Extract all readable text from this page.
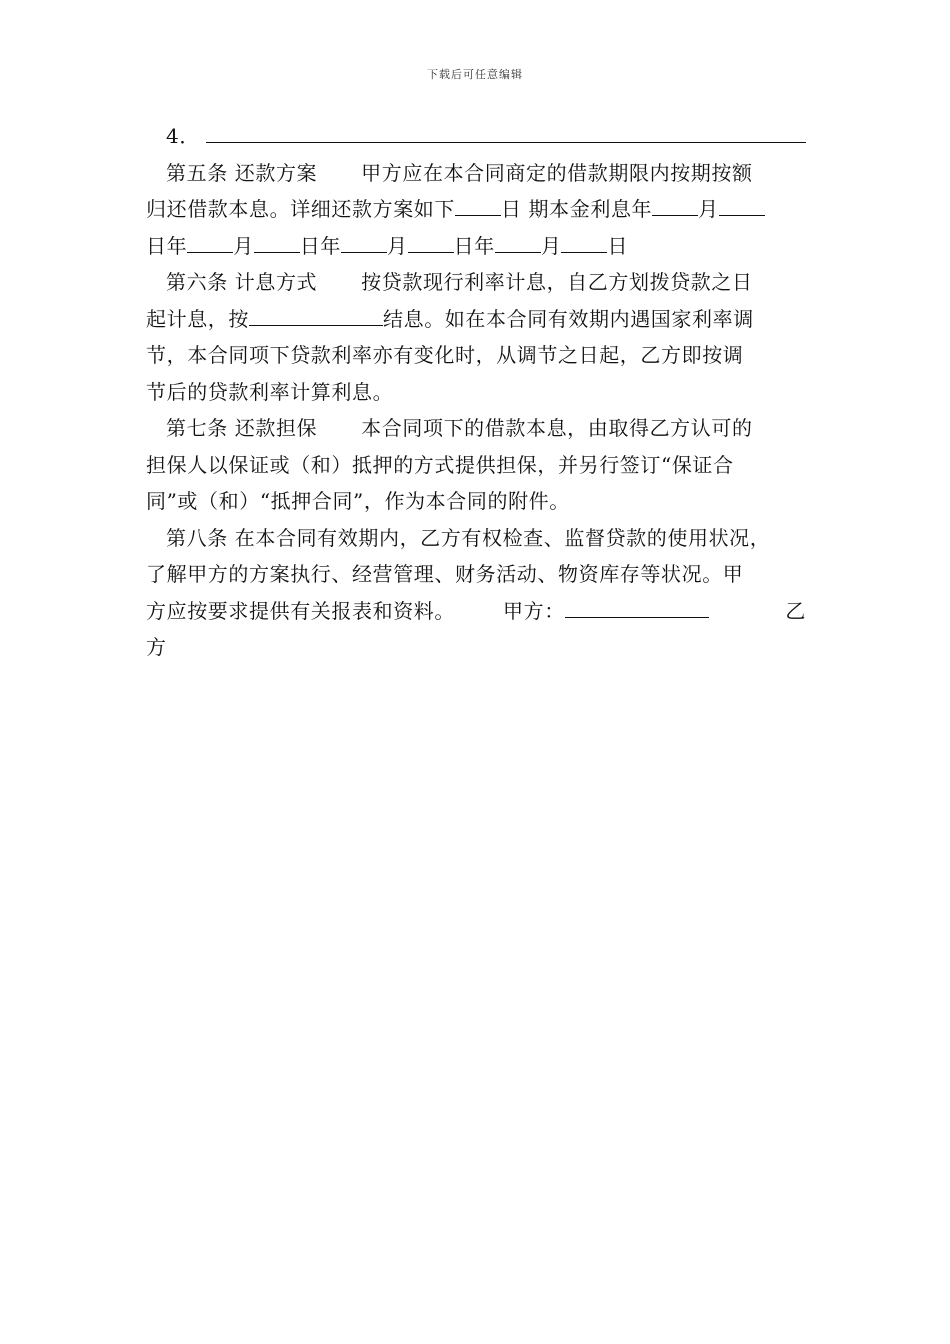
下载后可任意编辑
4．
第五条 还款方案 甲方应在本合同商定的借款期限内按期按额
归还借款本息。详细还款方案如下 日 期本金利息年 月
日年 月 日年 月 日年 月 日
第六条 计息方式 按贷款现行利率计息，自乙方划拨贷款之日
起计息，按	结息。如在本合同有效期内遇国家利率调
节，本合同项下贷款利率亦有变化时，从调节之日起，乙方即按调
节后的贷款利率计算利息。
第七条 还款担保 本合同项下的借款本息，由取得乙方认可的
担保人以保证或（和）抵押的方式提供担保，并另行签订“保证合
同”或（和）“抵押合同”，作为本合同的附件。
第八条 在本合同有效期内，乙方有权检查、监督贷款的使用状况，
了解甲方的方案执行、经营管理、财务活动、物资库存等状况。甲
方应按要求提供有关报表和资料。 甲方：	乙
方
